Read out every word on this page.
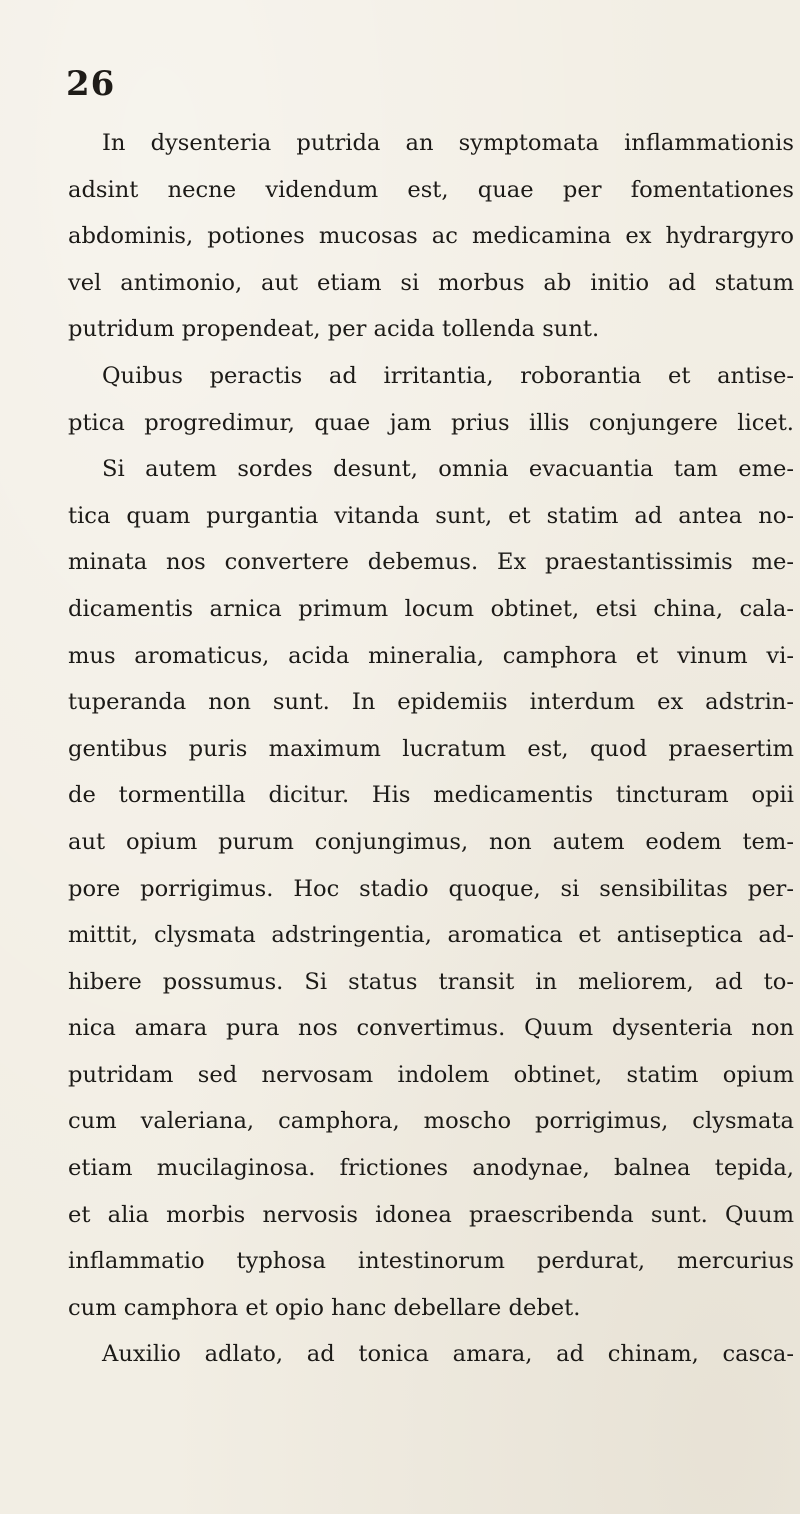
26
In dysenteria putrida an symptomata inflammationis
adsint necne videndum est, quae per fomentationes
abdominis, potiones mucosas ac medicamina ex hydrargyro
vel antimonio, aut etiam si morbus ab initio ad statum
putridum propendeat, per acida tollenda sunt.
Quibus peractis ad irritantia, roborantia et antise-
ptica progredimur, quae jam prius illis conjungere licet.
Si autem sordes desunt, omnia evacuantia tam eme-
tica quam purgantia vitanda sunt, et statim ad antea no-
minata nos convertere debemus. Ex praestantissimis me-
dicamentis arnica primum locum obtinet, etsi china, cala-
mus aromaticus, acida mineralia, camphora et vinum vi-
tuperanda non sunt. In epidemiis interdum ex adstrin-
gentibus puris maximum lucratum est, quod praesertim
de tormentilla dicitur. His medicamentis tincturam opii
aut opium purum conjungimus, non autem eodem tem-
pore porrigimus. Hoc stadio quoque, si sensibilitas per-
mittit, clysmata adstringentia, aromatica et antiseptica ad-
hibere possumus. Si status transit in meliorem, ad to-
nica amara pura nos convertimus. Quum dysenteria non
putridam sed nervosam indolem obtinet, statim opium
cum valeriana, camphora, moscho porrigimus, clysmata
etiam mucilaginosa. frictiones anodynae, balnea tepida,
et alia morbis nervosis idonea praescribenda sunt. Quum
inflammatio typhosa intestinorum perdurat, mercurius
cum camphora et opio hanc debellare debet.
Auxilio adlato, ad tonica amara, ad chinam, casca-
